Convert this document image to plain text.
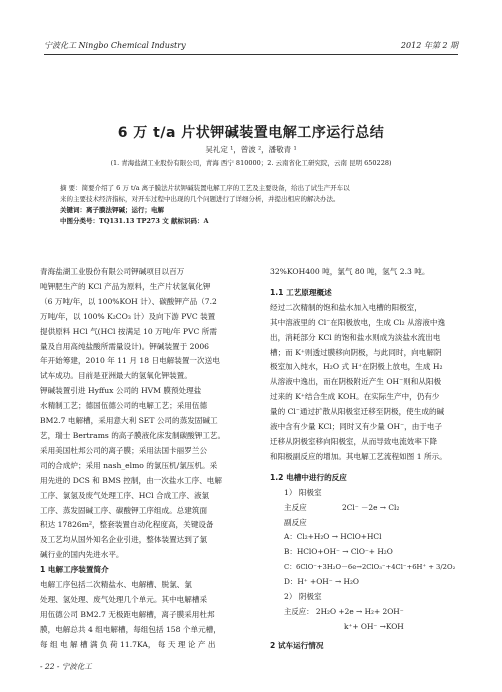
宁波化工 Ningbo Chemical Industry	2012 年第 2 期
6 万 t/a 片状钾碱装置电解工序运行总结
吴礼定 ¹，曾波 ²，潘敬青 ¹
(1. 青海盐湖工业股份有限公司，青海 西宁 810000；2. 云南省化工研究院，云南 昆明 650228)
摘 要：简要介绍了 6 万 t/a 离子膜法片状钾碱装置电解工序的工艺及主要设备，给出了试生产开车以
来的主要技术经济指标，对开车过程中出现的几个问题进行了详细分析，并提出相应的解决办法。
关键词：离子膜法钾碱；运行；电解
中图分类号：TQ131.13 TP273 文 献标识码：A
青海盐湖工业股份有限公司钾碱项目以百万
吨钾肥生产的 KCl 产品为原料，生产片状氢氧化钾
（6 万吨/年，以 100%KOH 计）、碳酸钾产品（7.2
万吨/年，以 100% K₂CO₃ 计）及向下游 PVC 装置
提供原料 HCl 气(HCl 按满足 10 万吨/年 PVC 所需
量及自用高纯盐酸所需量设计)。钾碱装置于 2006
年开始筹建，2010 年 11 月 18 日电解装置一次送电
试车成功。目前是亚洲最大的氢氧化钾装置。
钾碱装置引进 Hyffux 公司的 HVM 膜预处理盐
水精制工艺；德国伍德公司的电解工艺；采用伍德
BM2.7 电解槽，采用意大利 SET 公司的蒸发固碱工
艺，瑞士 Bertrams 的高子膜液化床发制碳酸钾工艺。
采用美国杜邦公司的离子膜；采用法国卡丽罗兰公
司的合成炉；采用 nash_elmo 的氯压机/氯压机。采
用先进的 DCS 和 BMS 控制，由一次盐水工序、电解
工序、氯氢及废气处理工序、HCl 合成工序、液氯
工序、蒸发固碱工序、碳酸钾工序组成。总建筑面
积达 17826m²，整套装置自动化程度高，关键设备
及工艺均从国外知名企业引进，整体装置达到了氯
碱行业的国内先进水平。
1 电解工序装置简介
电解工序包括二次精盐水、电解槽、脱氯、氯
处理、氢处理、废气处理几个单元。其中电解槽采
用伍德公司 BM2.7 无极距电解槽，离子膜采用杜邦
膜，电解总共 4 组电解槽，每组包括 158 个单元槽，
每 组 电 解 槽 满 负 荷 11.7KA， 每 天 理 论 产 出
32%KOH400 吨，氯气 80 吨，氢气 2.3 吨。
1.1 工艺原理概述
经过二次精制的饱和盐水加入电槽的阳极室，
其中溶液里的 Cl⁻在阳极放电，生成 Cl₂ 从溶液中逸
出，消耗部分 KCl 的饱和盐水则成为淡盐水流出电
槽；而 K⁺则透过膜移向阴极，与此同时，向电解阴
极室加入纯水，H₂O 式 H⁺在阴极上放电，生成 H₂
从溶液中逸出，而在阴极附近产生 OH⁻则和从阳极
过来的 K⁺结合生成 KOH。在实际生产中，仍有少
量的 Cl⁻通过扩散从阳极室迁移至阴极，使生成的碱
液中含有少量 KCl；同时又有少量 OH⁻，由于电子
迁移从阴极室移向阳极室，从而导致电流效率下降
和阳极副反应的增加。其电解工艺流程如图 1 所示。
1.2 电槽中进行的反应
1） 阳极室
主反应	2Cl⁻ －2e → Cl₂
副反应
A：Cl₂+H₂O → HClO+HCl
B：HClO+OH⁻ → ClO⁻+ H₂O
C：6ClO⁻+3H₂O－6e→2ClO₃⁻+4Cl⁻+6H⁺ + 3/2O₂
D：H⁺ +OH⁻ → H₂O
2） 阴极室
主反应： 2H₂O +2e → H₂+ 2OH⁻
k⁺+ OH⁻ →KOH
2 试车运行情况
- 22 - 宁波化工
